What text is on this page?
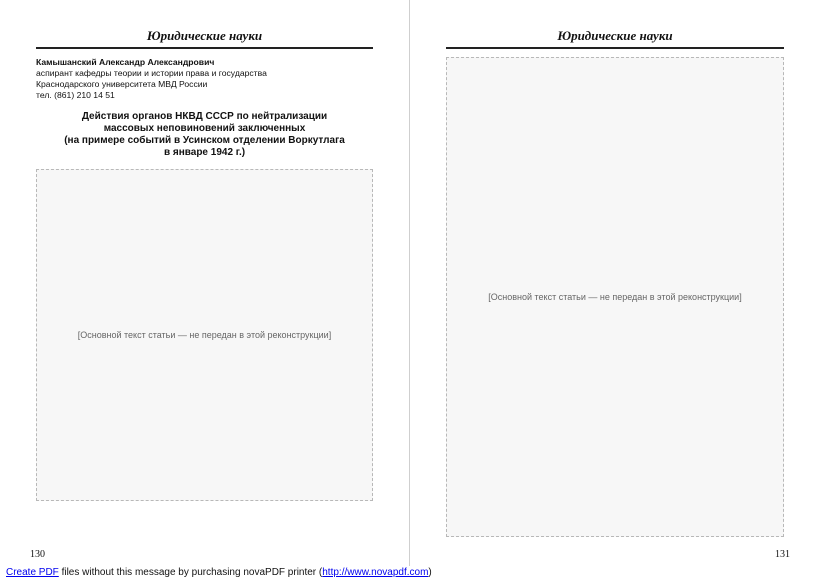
Юридические науки
Камышанский Александр Александрович
аспирант кафедры теории и истории права и государства
Краснодарского университета МВД России
тел. (861) 210 14 51
Действия органов НКВД СССР по нейтрализации
массовых неповиновений заключенных
(на примере событий в Усинском отделении Воркутлага
в январе 1942 г.)
[Основной текст статьи — не передан в этой реконструкции]
130
Юридические науки
[Основной текст статьи — не передан в этой реконструкции]
131
Create PDF files without this message by purchasing novaPDF printer (http://www.novapdf.com)
